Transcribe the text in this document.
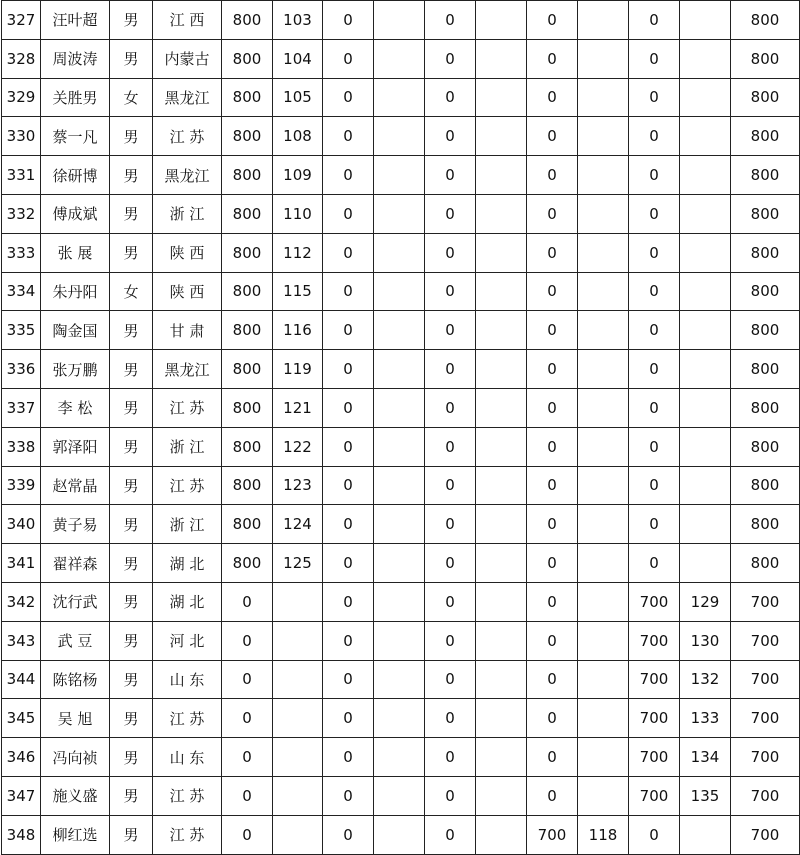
327	汪叶超	男	江 西	800	103	0		0		0		0		800
328	周波涛	男	内蒙古	800	104	0		0		0		0		800
329	关胜男	女	黑龙江	800	105	0		0		0		0		800
330	蔡一凡	男	江 苏	800	108	0		0		0		0		800
331	徐研博	男	黑龙江	800	109	0		0		0		0		800
332	傅成斌	男	浙 江	800	110	0		0		0		0		800
333	张 展	男	陕 西	800	112	0		0		0		0		800
334	朱丹阳	女	陕 西	800	115	0		0		0		0		800
335	陶金国	男	甘 肃	800	116	0		0		0		0		800
336	张万鹏	男	黑龙江	800	119	0		0		0		0		800
337	李 松	男	江 苏	800	121	0		0		0		0		800
338	郭泽阳	男	浙 江	800	122	0		0		0		0		800
339	赵常晶	男	江 苏	800	123	0		0		0		0		800
340	黄子易	男	浙 江	800	124	0		0		0		0		800
341	翟祥森	男	湖 北	800	125	0		0		0		0		800
342	沈行武	男	湖 北	0		0		0		0		700	129	700
343	武 豆	男	河 北	0		0		0		0		700	130	700
344	陈铭杨	男	山 东	0		0		0		0		700	132	700
345	吴 旭	男	江 苏	0		0		0		0		700	133	700
346	冯向祯	男	山 东	0		0		0		0		700	134	700
347	施义盛	男	江 苏	0		0		0		0		700	135	700
348	柳红选	男	江 苏	0		0		0		700	118	0		700
